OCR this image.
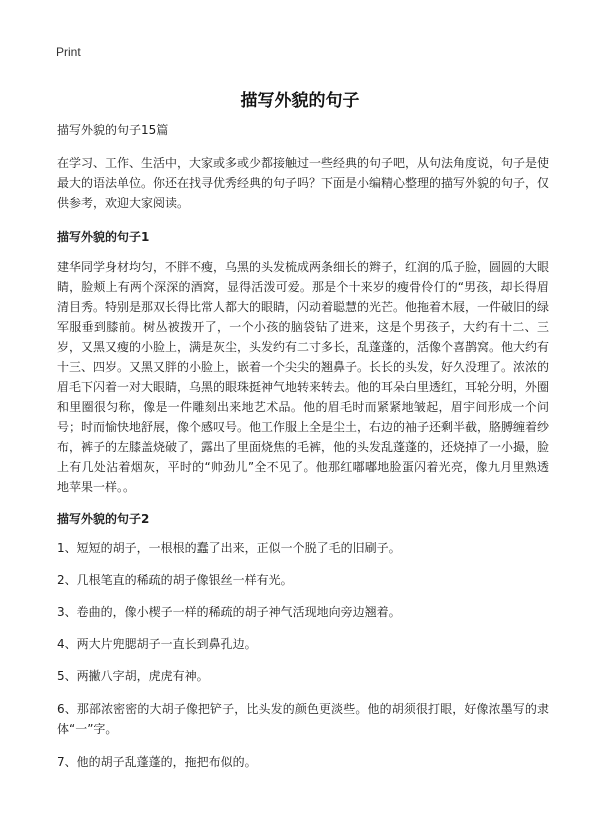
Print
描写外貌的句子

描写外貌的句子15篇

在学习、工作、生活中，大家或多或少都接触过一些经典的句子吧，从句法角度说，句子是使最大的语法单位。你还在找寻优秀经典的句子吗？下面是小编精心整理的描写外貌的句子，仅供参考，欢迎大家阅读。

描写外貌的句子1

建华同学身材均匀，不胖不瘦，乌黑的头发梳成两条细长的辫子，红润的瓜子脸，圆圆的大眼睛，脸颊上有两个深深的酒窝，显得活泼可爱。那是个十来岁的瘦骨伶仃的“男孩，却长得眉清目秀。特别是那双长得比常人都大的眼睛，闪动着聪慧的光芒。他拖着木屐，一件破旧的绿军服垂到膝前。树丛被拨开了，一个小孩的脑袋钻了进来，这是个男孩子，大约有十二、三岁，又黑又瘦的小脸上，满是灰尘，头发约有二寸多长，乱蓬蓬的，活像个喜鹊窝。他大约有十三、四岁。又黑又胖的小脸上，嵌着一个尖尖的翘鼻子。长长的头发，好久没理了。浓浓的眉毛下闪着一对大眼睛，乌黑的眼珠挺神气地转来转去。他的耳朵白里透红，耳轮分明，外圈和里圈很匀称，像是一件雕刻出来地艺术品。他的眉毛时而紧紧地皱起，眉宇间形成一个问号；时而愉快地舒展，像个感叹号。他工作服上全是尘土，右边的袖子还剩半截，胳膊缠着纱布，裤子的左膝盖烧破了，露出了里面烧焦的毛裤，他的头发乱蓬蓬的，还烧掉了一小撮，脸上有几处沾着烟灰，平时的“帅劲儿”全不见了。他那红嘟嘟地脸蛋闪着光亮，像九月里熟透地苹果一样。。

描写外貌的句子2

1、短短的胡子，一根根的蠢了出来，正似一个脱了毛的旧刷子。

2、几根笔直的稀疏的胡子像银丝一样有光。

3、卷曲的，像小楔子一样的稀疏的胡子神气活现地向旁边翘着。

4、两大片兜腮胡子一直长到鼻孔边。

5、两撇八字胡，虎虎有神。

6、那部浓密密的大胡子像把铲子，比头发的颜色更淡些。他的胡须很打眼，好像浓墨写的隶体“一”字。

7、他的胡子乱蓬蓬的，拖把布似的。
